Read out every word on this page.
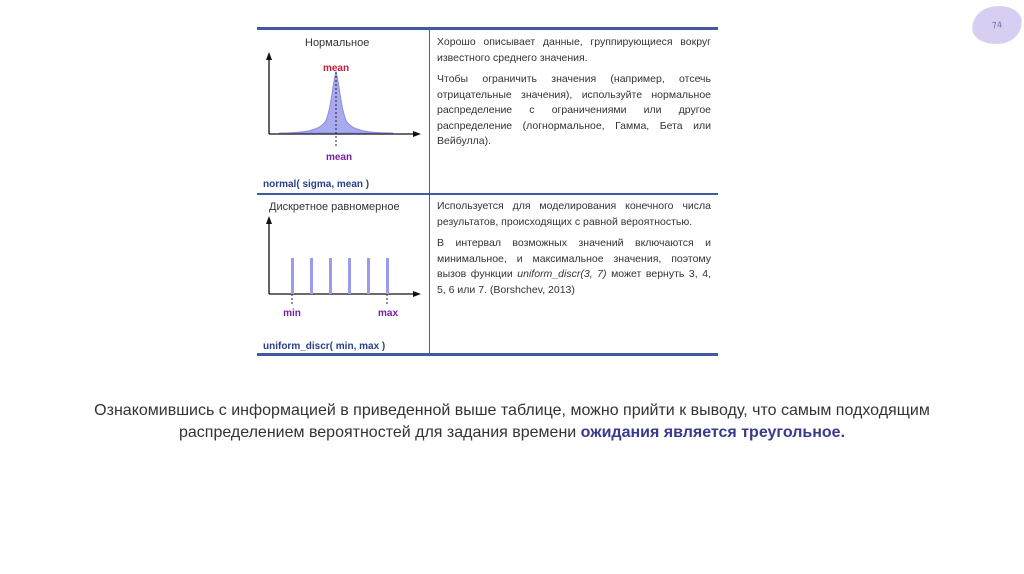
74
Нормальное
mean
mean
normal( sigma, mean )

Хорошо описывает данные, группирующиеся вокруг известного среднего значения.

Чтобы ограничить значения (например, отсечь отрицательные значения), используйте нормальное распределение с ограничениями или другое распределение (логнормальное, Гамма, Бета или Вейбулла).

Дискретное равномерное
min	max
uniform_discr( min, max )

Используется для моделирования конечного числа результатов, происходящих с равной вероятностью.

В интервал возможных значений включаются и минимальное, и максимальное значения, поэтому вызов функции uniform_discr(3, 7) может вернуть 3, 4, 5, 6 или 7. (Borshchev, 2013)

Ознакомившись с информацией в приведенной выше таблице, можно прийти к выводу, что самым подходящим
распределением вероятностей для задания времени ожидания является треугольное.
